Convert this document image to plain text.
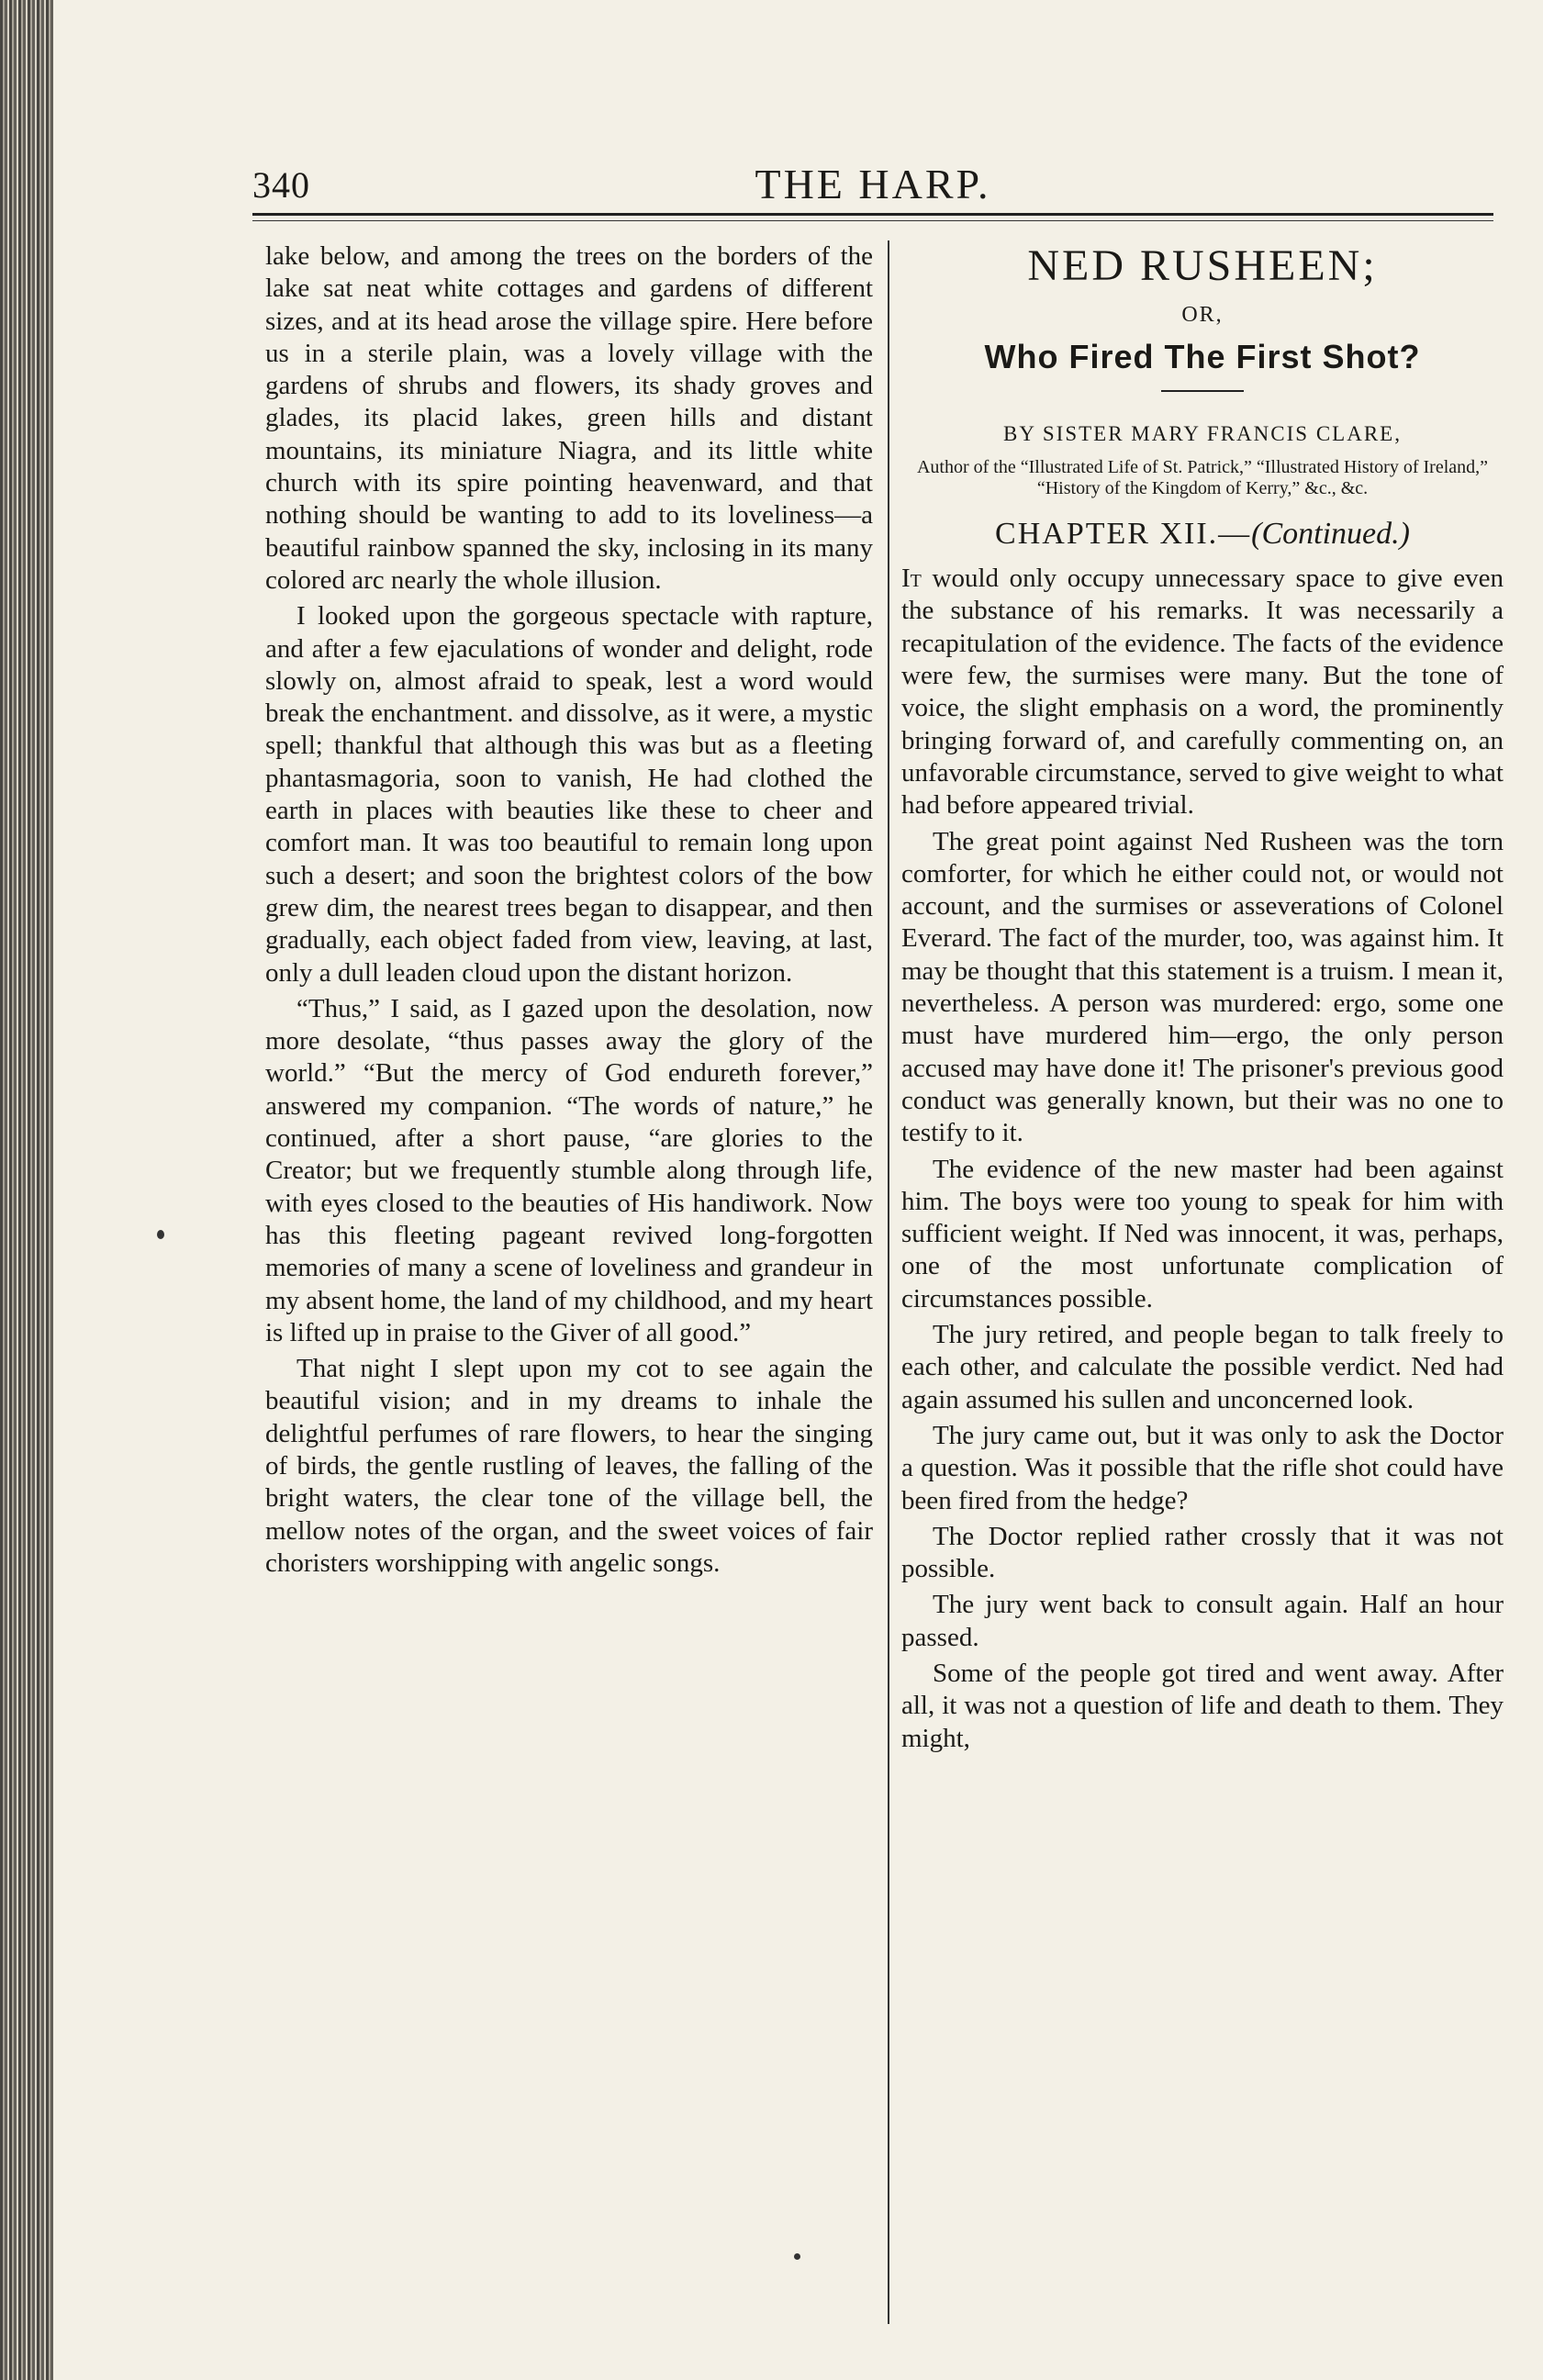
340	THE HARP.

lake below, and among the trees on the borders of the lake sat neat white cottages and gardens of different sizes, and at its head arose the village spire. Here before us in a sterile plain, was a lovely village with the gardens of shrubs and flowers, its shady groves and glades, its placid lakes, green hills and distant mountains, its miniature Niagra, and its little white church with its spire pointing heavenward, and that nothing should be wanting to add to its loveliness—a beautiful rainbow spanned the sky, inclosing in its many colored arc nearly the whole illusion.

I looked upon the gorgeous spectacle with rapture, and after a few ejaculations of wonder and delight, rode slowly on, almost afraid to speak, lest a word would break the enchantment. and dissolve, as it were, a mystic spell; thankful that although this was but as a fleeting phantasmagoria, soon to vanish, He had clothed the earth in places with beauties like these to cheer and comfort man. It was too beautiful to remain long upon such a desert; and soon the brightest colors of the bow grew dim, the nearest trees began to disappear, and then gradually, each object faded from view, leaving, at last, only a dull leaden cloud upon the distant horizon.

“Thus,” I said, as I gazed upon the desolation, now more desolate, “thus passes away the glory of the world.” “But the mercy of God endureth forever,” answered my companion. “The words of nature,” he continued, after a short pause, “are glories to the Creator; but we frequently stumble along through life, with eyes closed to the beauties of His handiwork. Now has this fleeting pageant revived long-forgotten memories of many a scene of loveliness and grandeur in my absent home, the land of my childhood, and my heart is lifted up in praise to the Giver of all good.”

That night I slept upon my cot to see again the beautiful vision; and in my dreams to inhale the delightful perfumes of rare flowers, to hear the singing of birds, the gentle rustling of leaves, the falling of the bright waters, the clear tone of the village bell, the mellow notes of the organ, and the sweet voices of fair choristers worshipping with angelic songs.

NED RUSHEEN;
OR,
Who Fired The First Shot?
BY SISTER MARY FRANCIS CLARE,
Author of the “Illustrated Life of St. Patrick,” “Illustrated History of Ireland,” “History of the Kingdom of Kerry,” &c., &c.
CHAPTER XII.—(Continued.)

It would only occupy unnecessary space to give even the substance of his remarks. It was necessarily a recapitulation of the evidence. The facts of the evidence were few, the surmises were many. But the tone of voice, the slight emphasis on a word, the prominently bringing forward of, and carefully commenting on, an unfavorable circumstance, served to give weight to what had before appeared trivial.

The great point against Ned Rusheen was the torn comforter, for which he either could not, or would not account, and the surmises or asseverations of Colonel Everard. The fact of the murder, too, was against him. It may be thought that this statement is a truism. I mean it, nevertheless. A person was murdered: ergo, some one must have murdered him—ergo, the only person accused may have done it! The prisoner's previous good conduct was generally known, but their was no one to testify to it.

The evidence of the new master had been against him. The boys were too young to speak for him with sufficient weight. If Ned was innocent, it was, perhaps, one of the most unfortunate complication of circumstances possible.

The jury retired, and people began to talk freely to each other, and calculate the possible verdict. Ned had again assumed his sullen and unconcerned look.

The jury came out, but it was only to ask the Doctor a question. Was it possible that the rifle shot could have been fired from the hedge?

The Doctor replied rather crossly that it was not possible.

The jury went back to consult again. Half an hour passed.

Some of the people got tired and went away. After all, it was not a question of life and death to them. They might,
